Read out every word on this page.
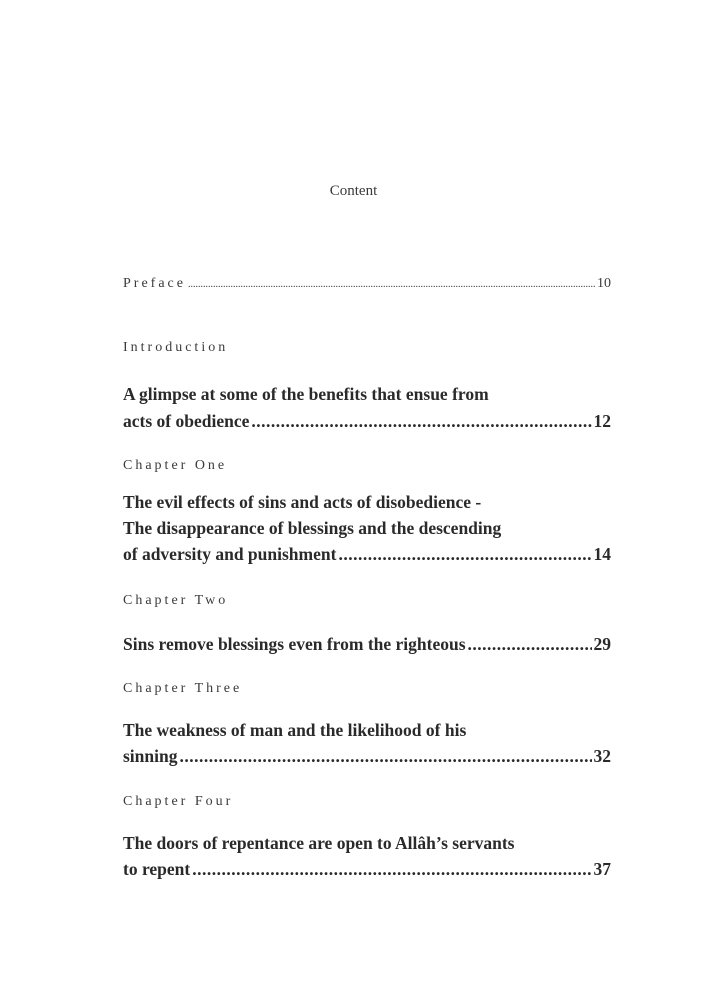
Content
Preface .....	10
Introduction
A glimpse at some of the benefits that ensue from
acts of obedience .....	12
Chapter One
The evil effects of sins and acts of disobedience -
The disappearance of blessings and the descending
of adversity and punishment .....	14
Chapter Two
Sins remove blessings even from the righteous .....	29
Chapter Three
The weakness of man and the likelihood of his
sinning .....	32
Chapter Four
The doors of repentance are open to Allâh’s servants
to repent .....	37
